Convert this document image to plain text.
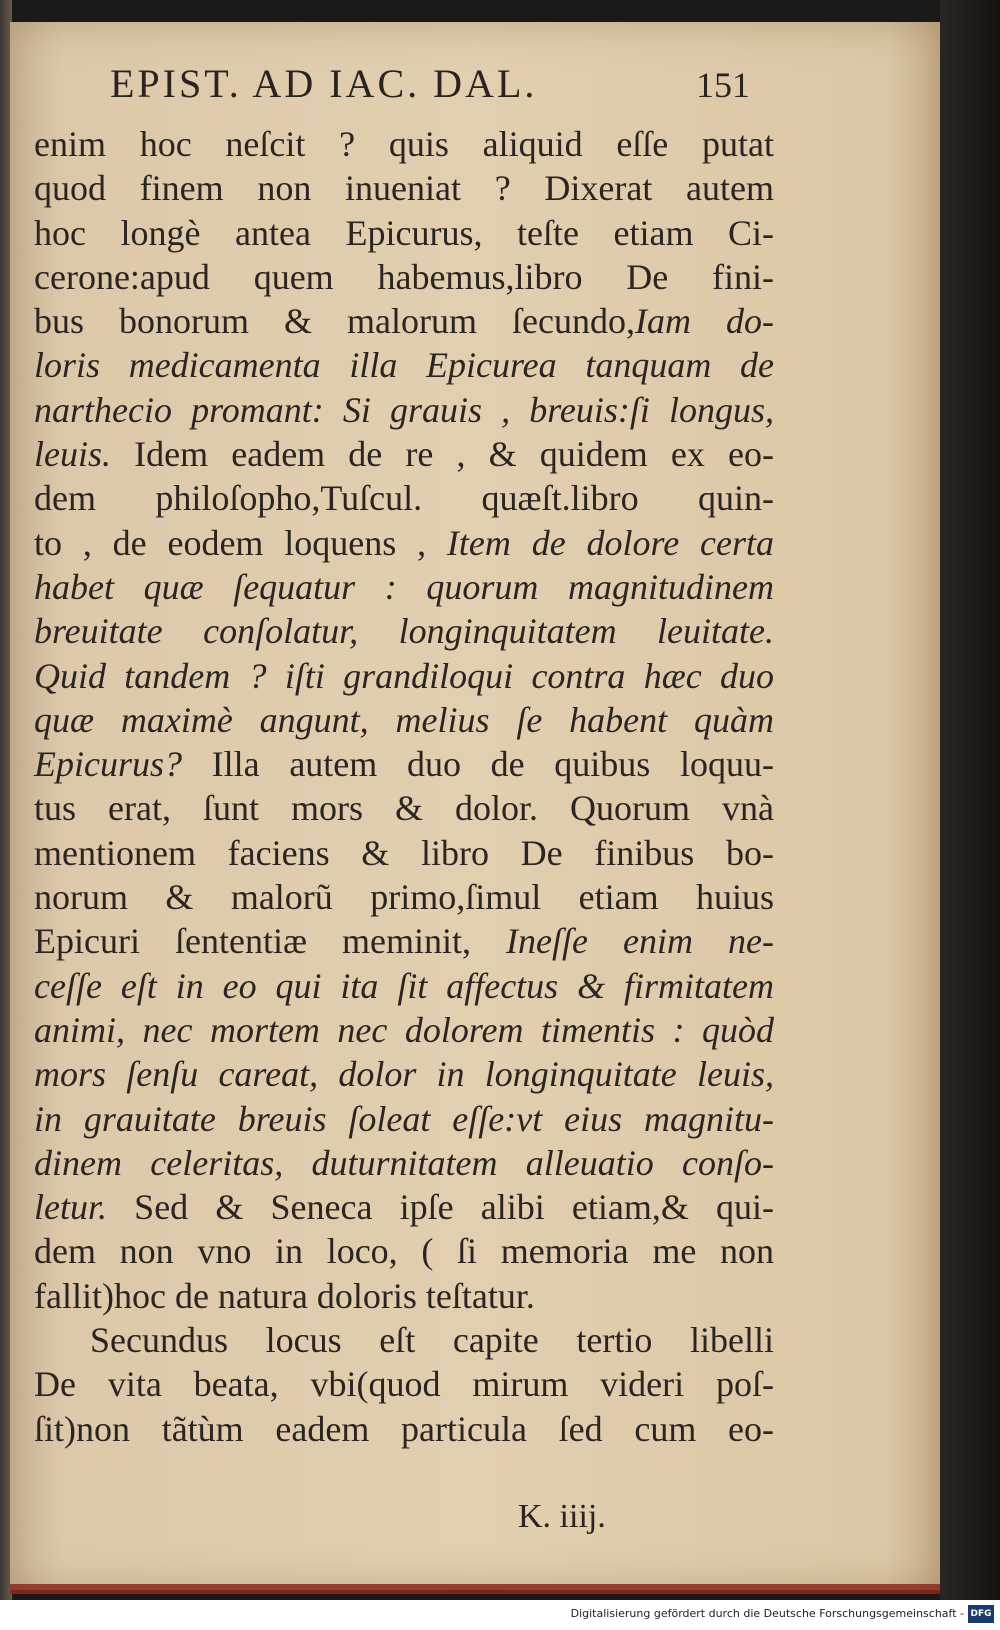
EPIST. AD IAC. DAL.	151
enim hoc neſcit ? quis aliquid eſſe putat
quod finem non inueniat ? Dixerat autem
hoc longè antea Epicurus, teſte etiam Ci-
cerone:apud quem habemus,libro De fini-
bus bonorum & malorum ſecundo,Iam do-
loris medicamenta illa Epicurea tanquam de
narthecio promant: Si grauis , breuis:ſi longus,
leuis. Idem eadem de re , & quidem ex eo-
dem philoſopho,Tuſcul. quæſt.libro quin-
to , de eodem loquens , Item de dolore certa
habet quæ ſequatur : quorum magnitudinem
breuitate conſolatur, longinquitatem leuitate.
Quid tandem ? iſti grandiloqui contra hæc duo
quæ maximè angunt, melius ſe habent quàm
Epicurus? Illa autem duo de quibus loquu-
tus erat, ſunt mors & dolor. Quorum vnà
mentionem faciens & libro De finibus bo-
norum & malorũ primo,ſimul etiam huius
Epicuri ſententiæ meminit, Ineſſe enim ne-
ceſſe eſt in eo qui ita ſit affectus & firmitatem
animi, nec mortem nec dolorem timentis : quòd
mors ſenſu careat, dolor in longinquitate leuis,
in grauitate breuis ſoleat eſſe:vt eius magnitu-
dinem celeritas, duturnitatem alleuatio conſo-
letur. Sed & Seneca ipſe alibi etiam,& qui-
dem non vno in loco, ( ſi memoria me non
fallit)hoc de natura doloris teſtatur.
Secundus locus eſt capite tertio libelli
De vita beata, vbi(quod mirum videri poſ-
ſit)non tãtùm eadem particula ſed cum eo-
K. iiij.
Digitalisierung gefördert durch die Deutsche Forschungsgemeinschaft - DFG
